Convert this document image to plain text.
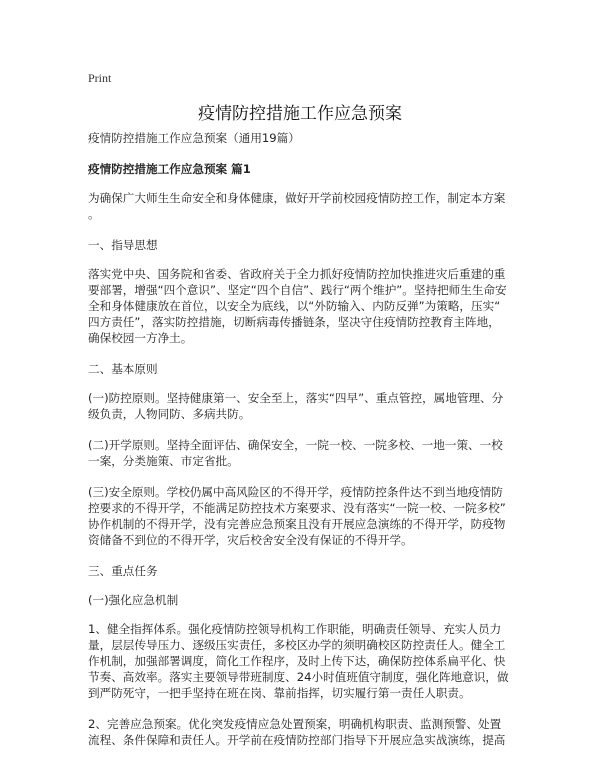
Print
疫情防控措施工作应急预案

疫情防控措施工作应急预案（通用19篇）

疫情防控措施工作应急预案 篇1

为确保广大师生生命安全和身体健康，做好开学前校园疫情防控工作，制定本方案

。

一、指导思想

落实党中央、国务院和省委、省政府关于全力抓好疫情防控加快推进灾后重建的重

要部署，增强“四个意识”、坚定“四个自信”、践行“两个维护”。坚持把师生生命安

全和身体健康放在首位，以安全为底线，以“外防输入、内防反弹”为策略，压实“

四方责任”，落实防控措施，切断病毒传播链条，坚决守住疫情防控教育主阵地，

确保校园一方净土。

二、基本原则

(一)防控原则。坚持健康第一、安全至上，落实“四早”、重点管控，属地管理、分

级负责，人物同防、多病共防。

(二)开学原则。坚持全面评估、确保安全，一院一校、一院多校、一地一策、一校

一案，分类施策、市定省批。

(三)安全原则。学校仍属中高风险区的不得开学，疫情防控条件达不到当地疫情防

控要求的不得开学，不能满足防控技术方案要求、没有落实“一院一校、一院多校”

协作机制的不得开学，没有完善应急预案且没有开展应急演练的不得开学，防疫物

资储备不到位的不得开学，灾后校舍安全没有保证的不得开学。

三、重点任务

(一)强化应急机制

1、健全指挥体系。强化疫情防控领导机构工作职能，明确责任领导、充实人员力

量，层层传导压力、逐级压实责任，多校区办学的须明确校区防控责任人。健全工

作机制，加强部署调度，简化工作程序，及时上传下达，确保防控体系扁平化、快

节奏、高效率。落实主要领导带班制度、24小时值班值守制度，强化阵地意识，做

到严防死守，一把手坚持在班在岗、靠前指挥，切实履行第一责任人职责。

2、完善应急预案。优化突发疫情应急处置预案，明确机构职责、监测预警、处置

流程、条件保障和责任人。开学前在疫情防控部门指导下开展应急实战演练，提高
